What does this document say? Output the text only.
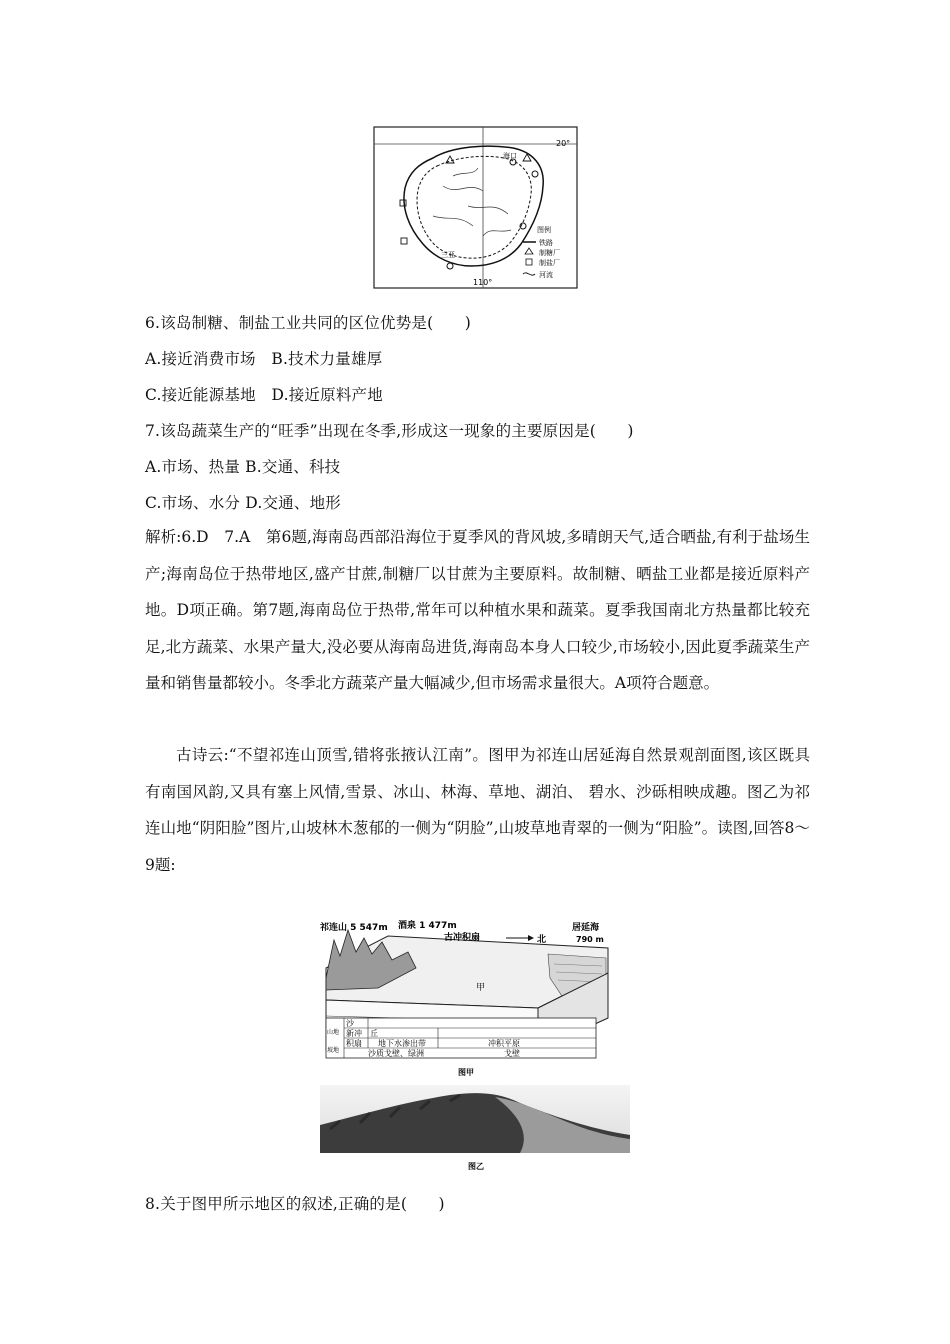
20°
110°
海口
三亚
图例
铁路
制糖厂
制盐厂
河流
6.该岛制糖、制盐工业共同的区位优势是(　　)
A.接近消费市场　B.技术力量雄厚
C.接近能源基地　D.接近原料产地
7.该岛蔬菜生产的“旺季”出现在冬季,形成这一现象的主要原因是(　　)
A.市场、热量 B.交通、科技
C.市场、水分 D.交通、地形
解析:6.D　7.A　第6题,海南岛西部沿海位于夏季风的背风坡,多晴朗天气,适合晒盐,有利于盐场生产;海南岛位于热带地区,盛产甘蔗,制糖厂以甘蔗为主要原料。故制糖、晒盐工业都是接近原料产地。D项正确。第7题,海南岛位于热带,常年可以种植水果和蔬菜。夏季我国南北方热量都比较充足,北方蔬菜、水果产量大,没必要从海南岛进货,海南岛本身人口较少,市场较小,因此夏季蔬菜生产量和销售量都较小。冬季北方蔬菜产量大幅减少,但市场需求量很大。A项符合题意。
古诗云:“不望祁连山顶雪,错将张掖认江南”。图甲为祁连山居延海自然景观剖面图,该区既具有南国风韵,又具有塞上风情,雪景、冰山、林海、草地、湖泊、 碧水、沙砾相映成趣。图乙为祁连山地“阴阳脸”图片,山坡林木葱郁的一侧为“阴脸”,山坡草地青翠的一侧为“阳脸”。读图,回答8～9题:
祁连山 5 547m 酒泉 1 477m
古冲积扇	北
居延海
790 m
甲
沙
山地
坡地
新冲 丘
积扇 地下水渗出带
沙质戈壁、绿洲
冲积平原
戈壁
图甲
图乙
8.关于图甲所示地区的叙述,正确的是(　　)
